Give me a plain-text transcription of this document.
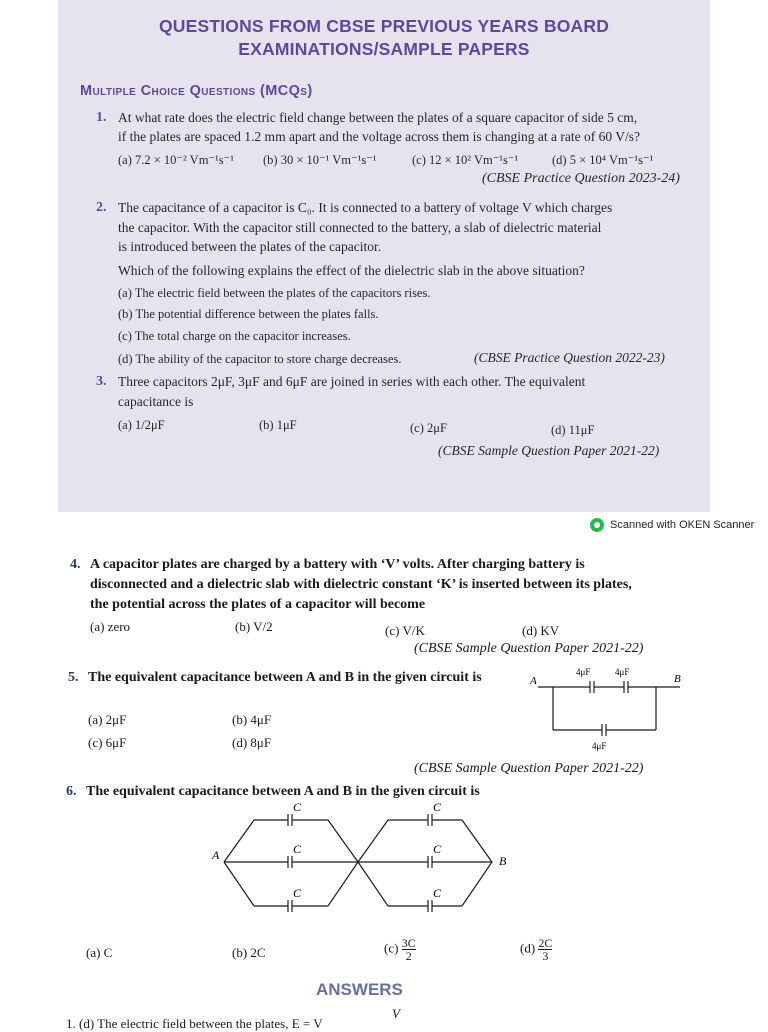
QUESTIONS FROM CBSE PREVIOUS YEARS BOARD
EXAMINATIONS/SAMPLE PAPERS
Multiple Choice Questions (MCQs)
1. At what rate does the electric field change between the plates of a square capacitor of side 5 cm,
if the plates are spaced 1.2 mm apart and the voltage across them is changing at a rate of 60 V/s?
(a) 7.2 × 10⁻² Vm⁻¹s⁻¹ (b) 30 × 10⁻¹ Vm⁻¹s⁻¹	(c) 12 × 10² Vm⁻¹s⁻¹	(d) 5 × 10⁴ Vm⁻¹s⁻¹
(CBSE Practice Question 2023-24)
2. The capacitance of a capacitor is C₀. It is connected to a battery of voltage V which charges
the capacitor. With the capacitor still connected to the battery, a slab of dielectric material
is introduced between the plates of the capacitor.
Which of the following explains the effect of the dielectric slab in the above situation?
(a) The electric field between the plates of the capacitors rises.
(b) The potential difference between the plates falls.
(c) The total charge on the capacitor increases.
(d) The ability of the capacitor to store charge decreases.	(CBSE Practice Question 2022-23)
3. Three capacitors 2μF, 3μF and 6μF are joined in series with each other. The equivalent
capacitance is
(a) 1/2μF	(b) 1μF	(c) 2μF	(d) 11μF
(CBSE Sample Question Paper 2021-22)
Scanned with OKEN Scanner
4. A capacitor plates are charged by a battery with ‘V’ volts. After charging battery is
disconnected and a dielectric slab with dielectric constant ‘K’ is inserted between its plates,
the potential across the plates of a capacitor will become
(a) zero	(b) V/2	(c) V/K	(d) KV
(CBSE Sample Question Paper 2021-22)
5. The equivalent capacitance between A and B in the given circuit is	A	B
4μF	4μF
4μF
(a) 2μF	(b) 4μF
(c) 6μF	(d) 8μF
(CBSE Sample Question Paper 2021-22)
6. The equivalent capacitance between A and B in the given circuit is
A	B
C
C
C
C
C
C
(a) C	(b) 2C	$(c) \frac{3C}{2}$	$(d) \frac{2C}{3}$
ANSWERS
V
1. (d) The electric field between the plates, E = V
